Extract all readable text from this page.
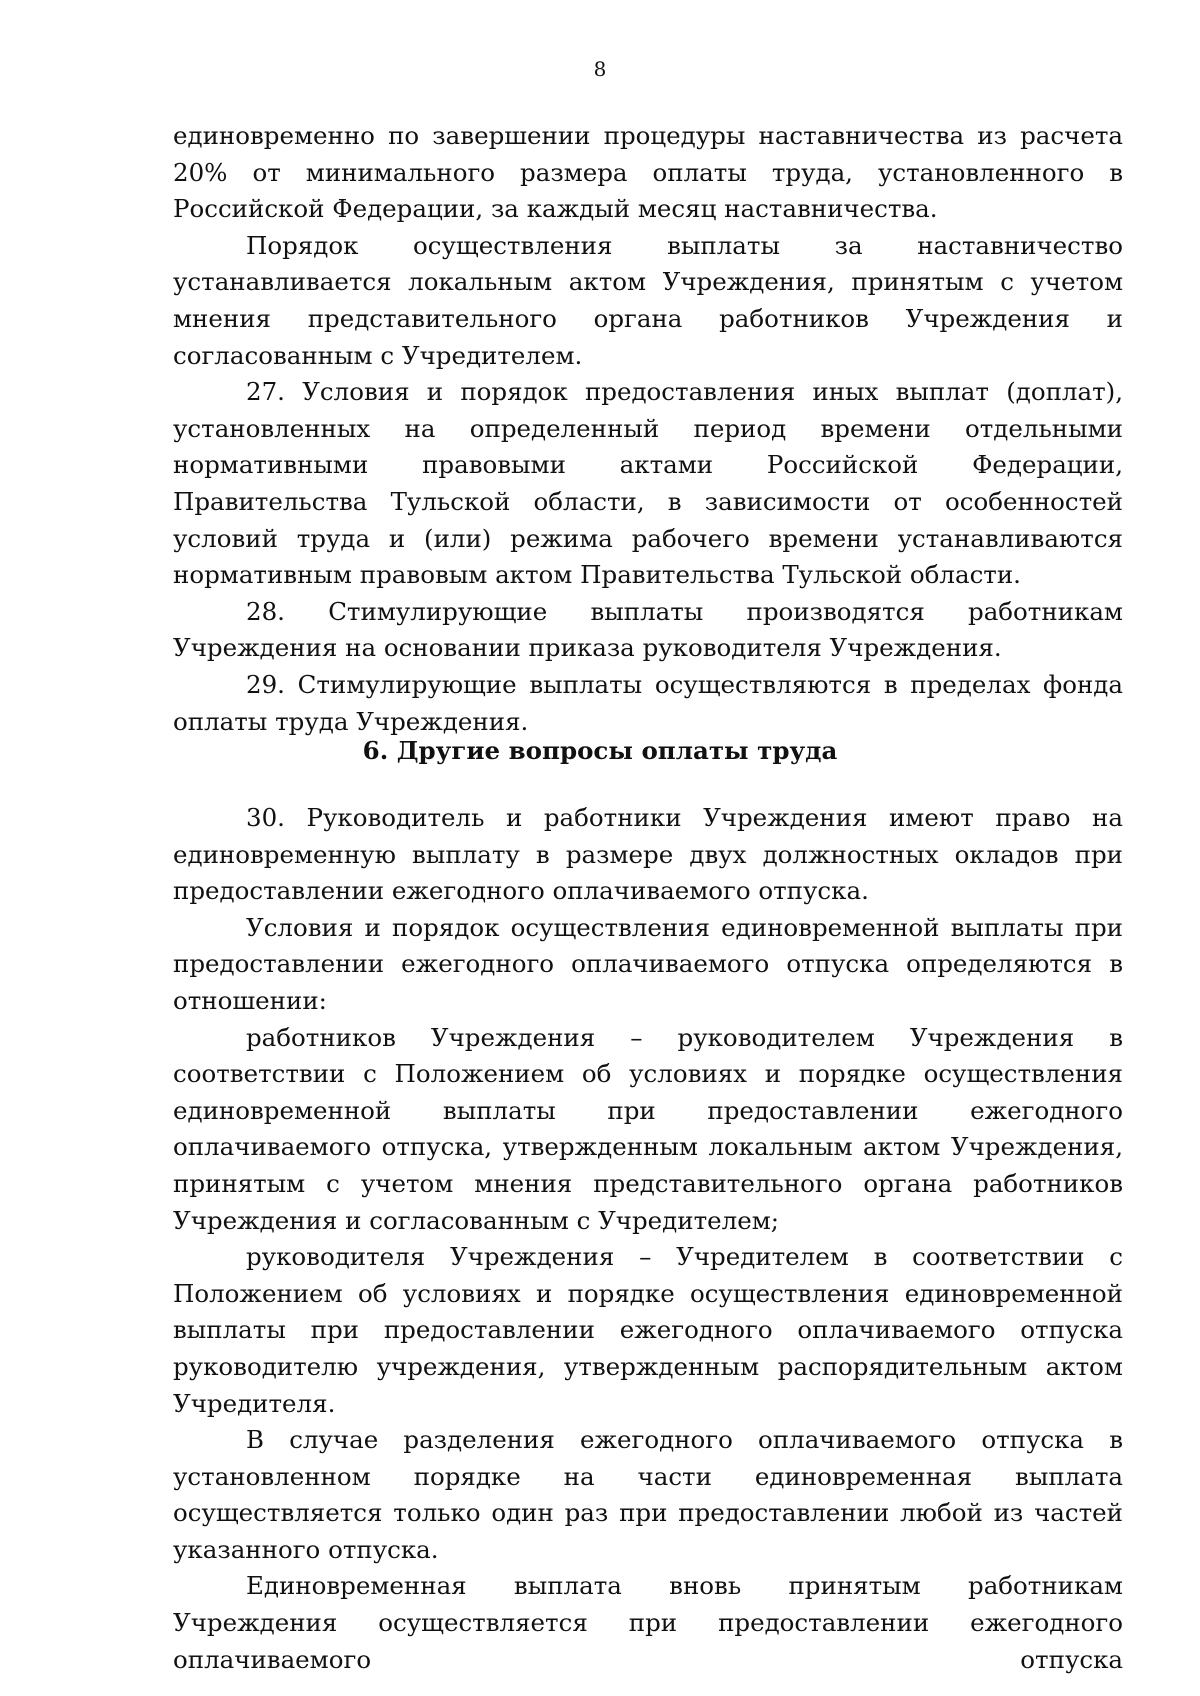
8

единовременно по завершении процедуры наставничества из расчета 20% от минимального размера оплаты труда, установленного в Российской Федерации, за каждый месяц наставничества.

Порядок осуществления выплаты за наставничество устанавливается локальным актом Учреждения, принятым с учетом мнения представительного органа работников Учреждения и согласованным с Учредителем.

27. Условия и порядок предоставления иных выплат (доплат), установленных на определенный период времени отдельными нормативными правовыми актами Российской Федерации, Правительства Тульской области, в зависимости от особенностей условий труда и (или) режима рабочего времени устанавливаются нормативным правовым актом Правительства Тульской области.

28. Стимулирующие выплаты производятся работникам Учреждения на основании приказа руководителя Учреждения.

29. Стимулирующие выплаты осуществляются в пределах фонда оплаты труда Учреждения.

6. Другие вопросы оплаты труда

30. Руководитель и работники Учреждения имеют право на единовременную выплату в размере двух должностных окладов при предоставлении ежегодного оплачиваемого отпуска.

Условия и порядок осуществления единовременной выплаты при предоставлении ежегодного оплачиваемого отпуска определяются в отношении:

работников Учреждения – руководителем Учреждения в соответствии с Положением об условиях и порядке осуществления единовременной выплаты при предоставлении ежегодного оплачиваемого отпуска, утвержденным локальным актом Учреждения, принятым с учетом мнения представительного органа работников Учреждения и согласованным с Учредителем;

руководителя Учреждения – Учредителем в соответствии с Положением об условиях и порядке осуществления единовременной выплаты при предоставлении ежегодного оплачиваемого отпуска руководителю учреждения, утвержденным распорядительным актом Учредителя.

В случае разделения ежегодного оплачиваемого отпуска в установленном порядке на части единовременная выплата осуществляется только один раз при предоставлении любой из частей указанного отпуска.

Единовременная выплата вновь принятым работникам Учреждения осуществляется при предоставлении ежегодного оплачиваемого отпуска
